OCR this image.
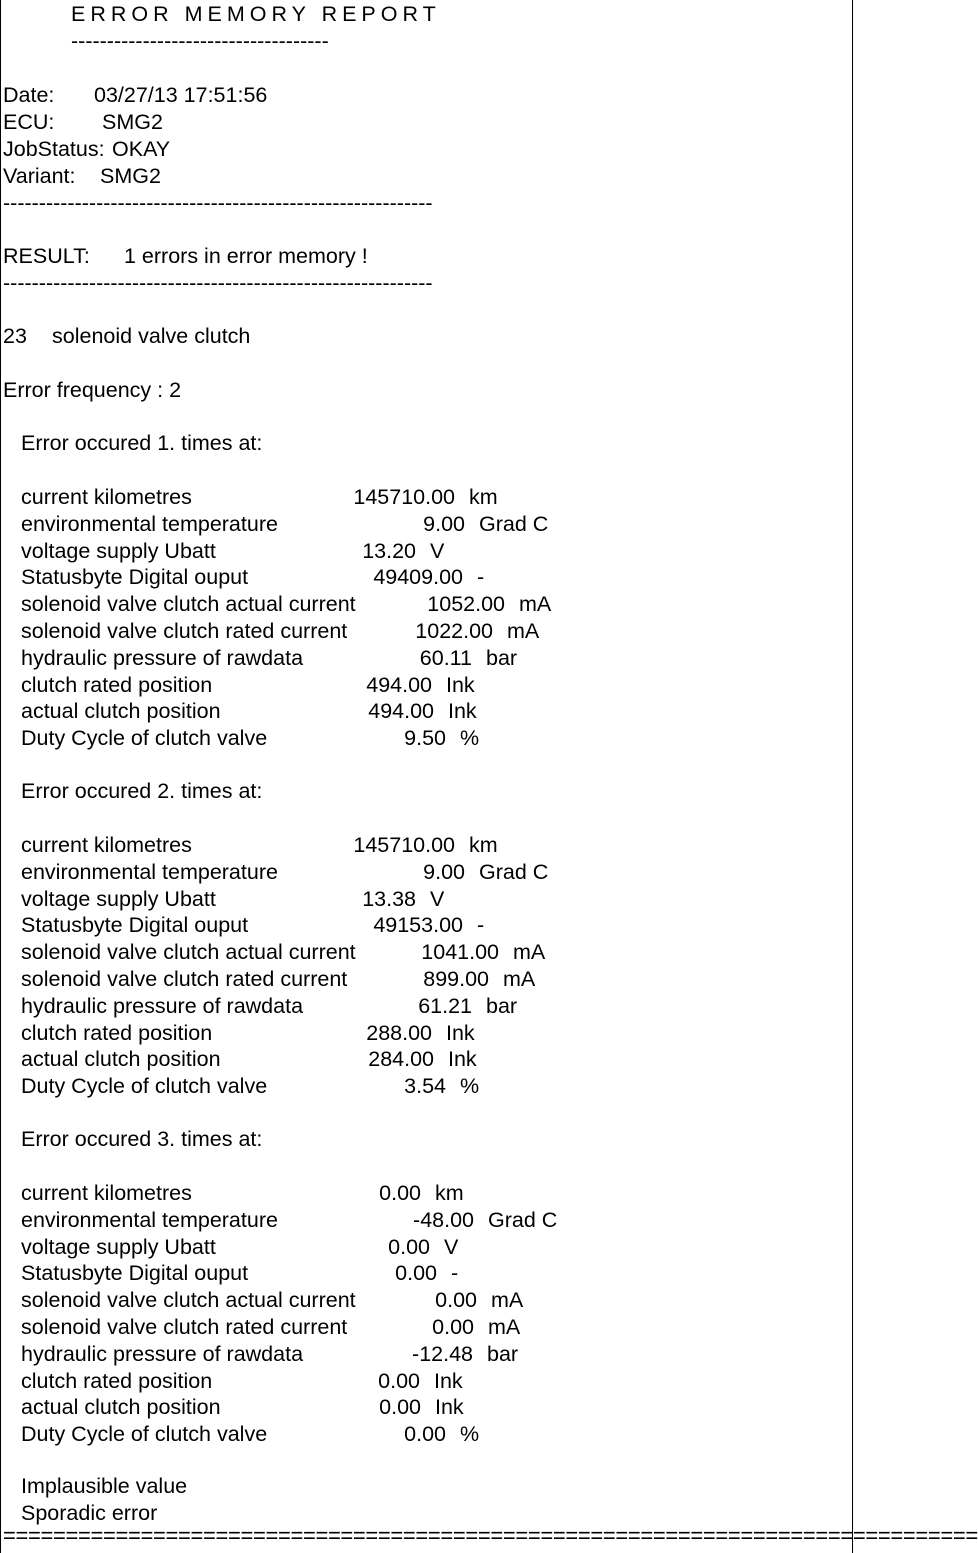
ERROR MEMORY REPORT
------------------------------------
Date: 03/27/13 17:51:56
ECU: SMG2
JobStatus: OKAY
Variant: SMG2
------------------------------------------------------------
RESULT: 1 errors in error memory !
------------------------------------------------------------
23 solenoid valve clutch
Error frequency : 2
Error occured 1. times at:
current kilometres	145710.00 km
environmental temperature	9.00 Grad C
voltage supply Ubatt	13.20 V
Statusbyte Digital ouput	49409.00 -
solenoid valve clutch actual current	1052.00 mA
solenoid valve clutch rated current	1022.00 mA
hydraulic pressure of rawdata	60.11 bar
clutch rated position	494.00 Ink
actual clutch position	494.00 Ink
Duty Cycle of clutch valve	9.50 %
Error occured 2. times at:
current kilometres	145710.00 km
environmental temperature	9.00 Grad C
voltage supply Ubatt	13.38 V
Statusbyte Digital ouput	49153.00 -
solenoid valve clutch actual current	1041.00 mA
solenoid valve clutch rated current	899.00 mA
hydraulic pressure of rawdata	61.21 bar
clutch rated position	288.00 Ink
actual clutch position	284.00 Ink
Duty Cycle of clutch valve	3.54 %
Error occured 3. times at:
current kilometres	0.00 km
environmental temperature	-48.00 Grad C
voltage supply Ubatt	0.00 V
Statusbyte Digital ouput	0.00 -
solenoid valve clutch actual current	0.00 mA
solenoid valve clutch rated current	0.00 mA
hydraulic pressure of rawdata	-12.48 bar
clutch rated position	0.00 Ink
actual clutch position	0.00 Ink
Duty Cycle of clutch valve	0.00 %
Implausible value
Sporadic error
==============================================================================
